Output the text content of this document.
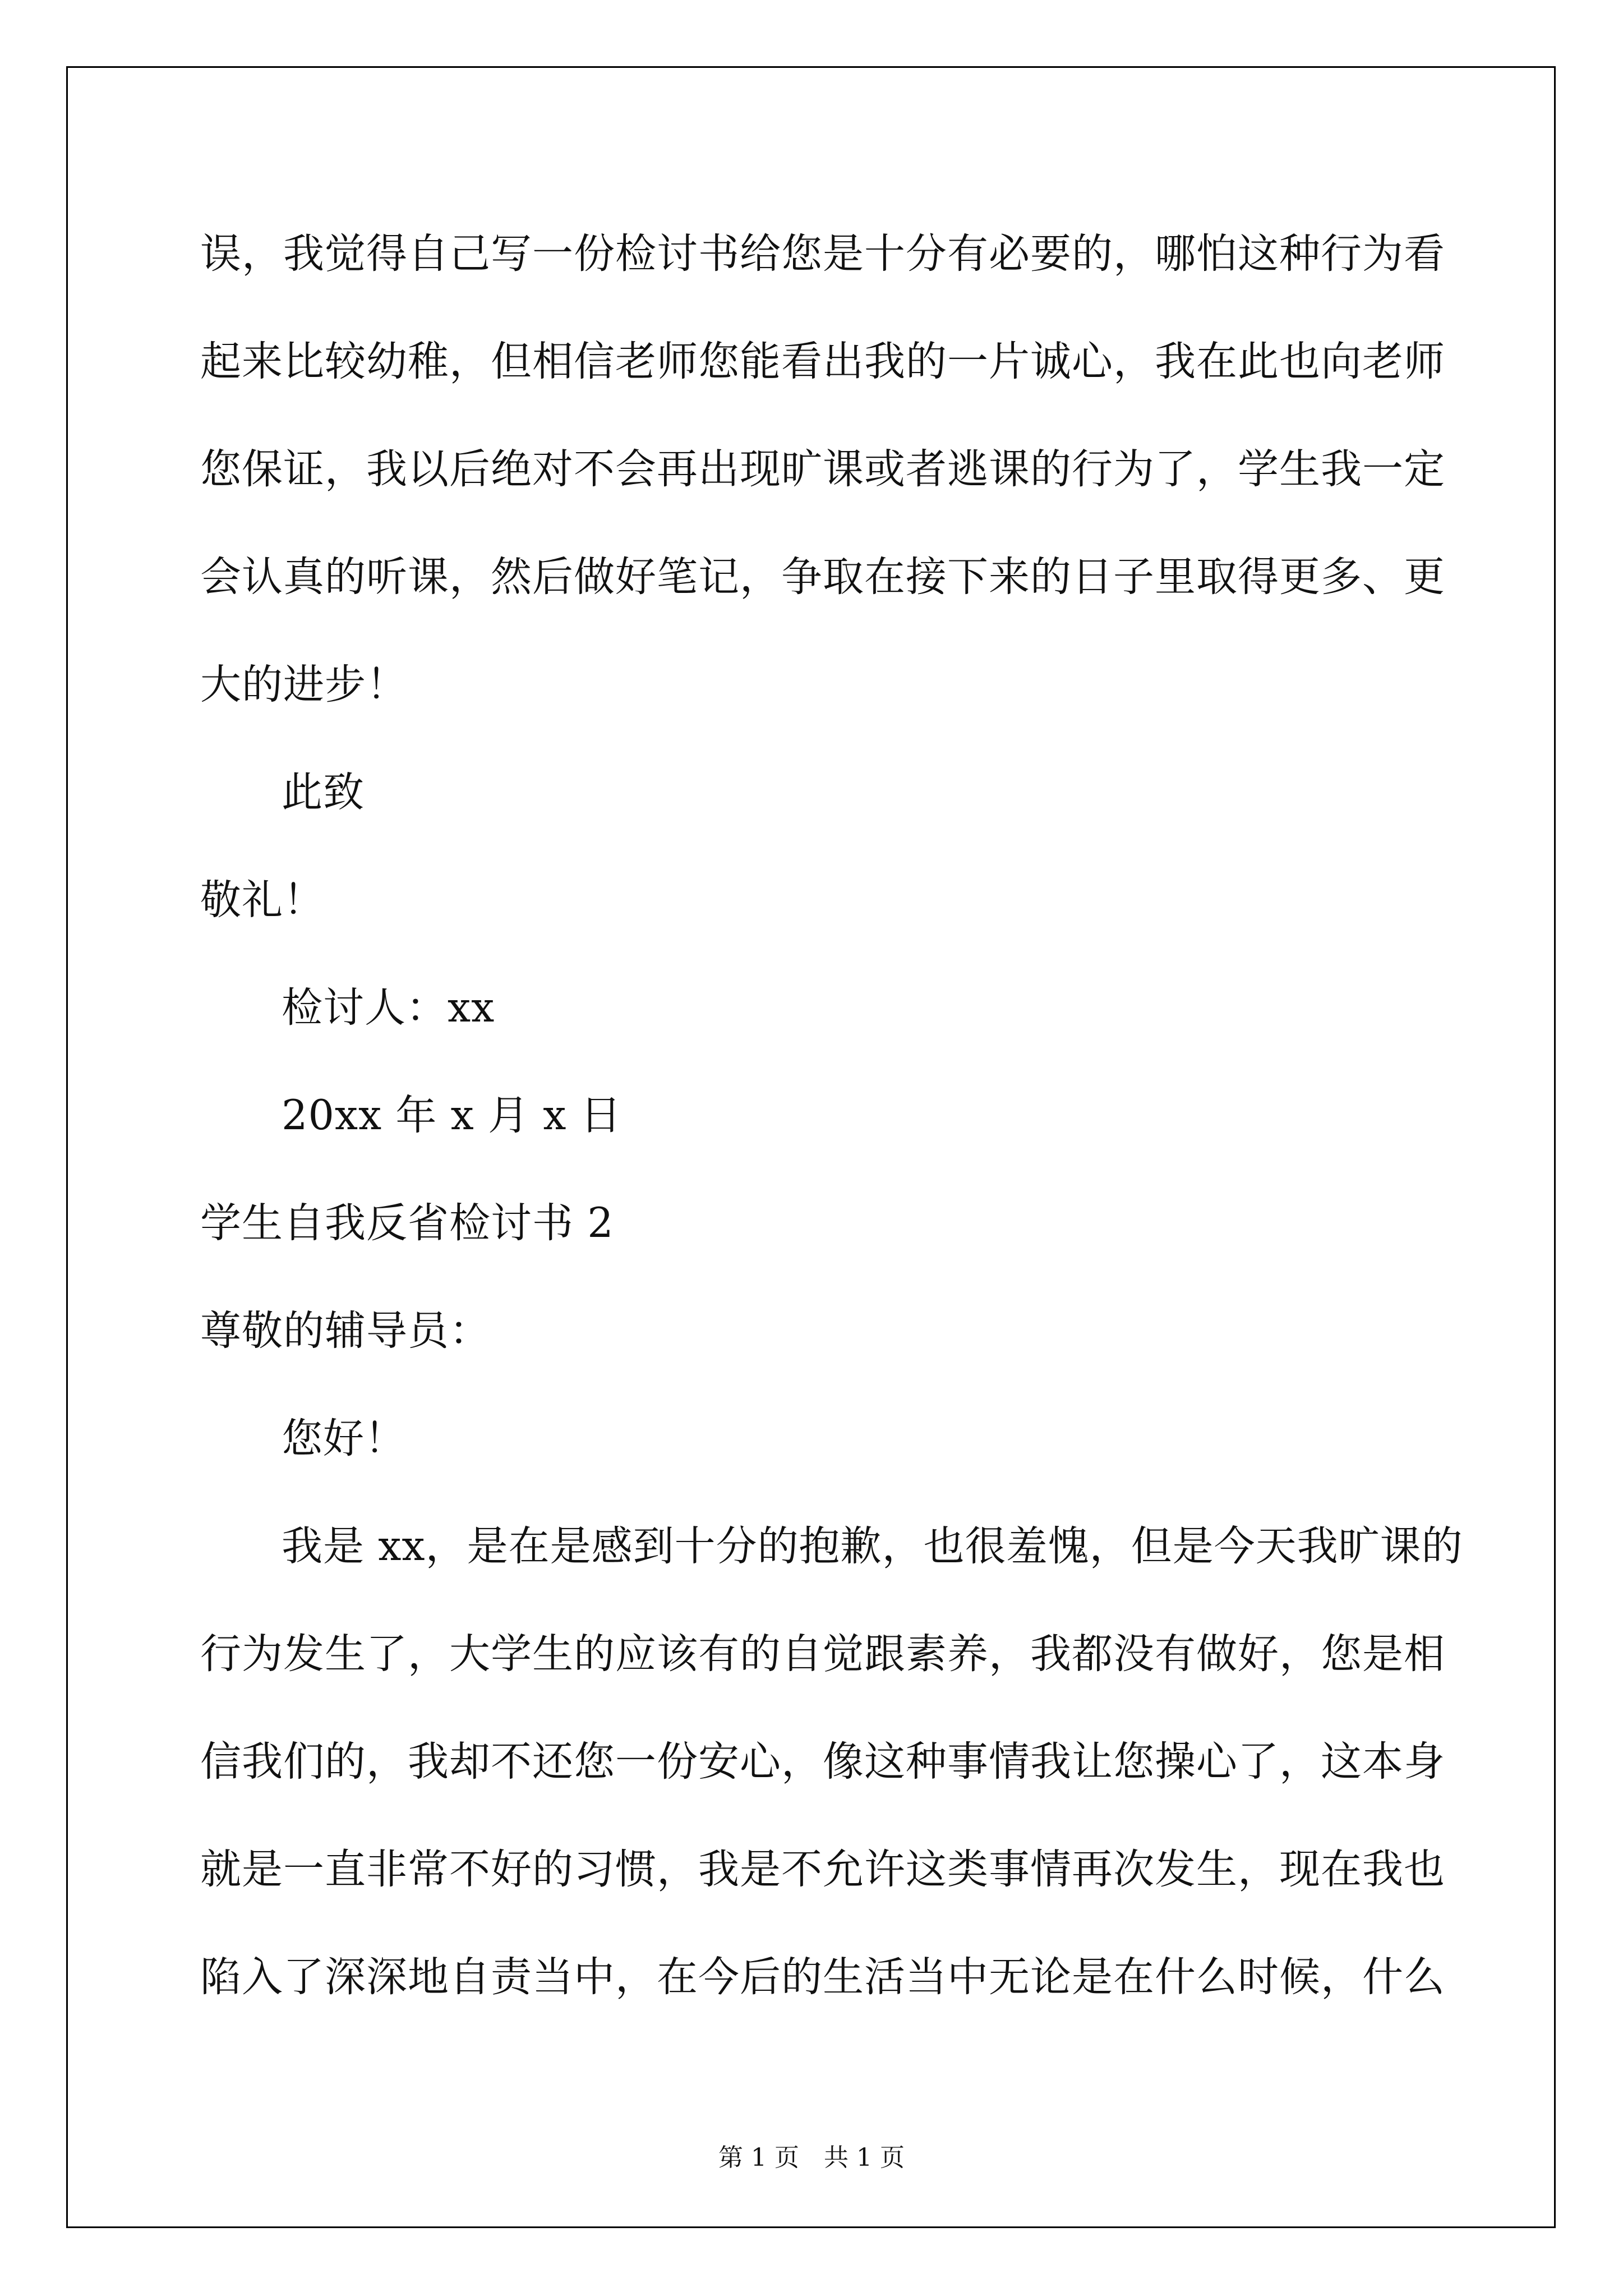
误 ， 我 觉 得 自 己 写 一 份 检 讨 书 给 您 是 十 分 有 必 要 的 ， 哪 怕 这 种 行 为 看
起 来 比 较 幼 稚 ， 但 相 信 老 师 您 能 看 出 我 的 一 片 诚 心 ， 我 在 此 也 向 老 师
您 保 证 ， 我 以 后 绝 对 不 会 再 出 现 旷 课 或 者 逃 课 的 行 为 了 ， 学 生 我 一 定
会 认 真 的 听 课 ， 然 后 做 好 笔 记 ， 争 取 在 接 下 来 的 日 子 里 取 得 更 多 、 更
大的进步！
此致
敬礼！
检讨人：xx
20xx 年 x 月 x 日
学生自我反省检讨书 2
尊敬的辅导员：
您好！
我 是
x x ， 是 在 是 感 到 十 分 的 抱 歉 ， 也 很 羞 愧 ， 但 是 今 天 我 旷 课 的
行 为 发 生 了 ， 大 学 生 的 应 该 有 的 自 觉 跟 素 养 ， 我 都 没 有 做 好 ， 您 是 相
信 我 们 的 ， 我 却 不 还 您 一 份 安 心 ， 像 这 种 事 情 我 让 您 操 心 了 ， 这 本 身
就 是 一 直 非 常 不 好 的 习 惯 ， 我 是 不 允 许 这 类 事 情 再 次 发 生 ， 现 在 我 也
陷 入 了 深 深 地 自 责 当 中 ， 在 今 后 的 生 活 当 中 无 论 是 在 什 么 时 候 ， 什 么
第 1 页　共 1 页
